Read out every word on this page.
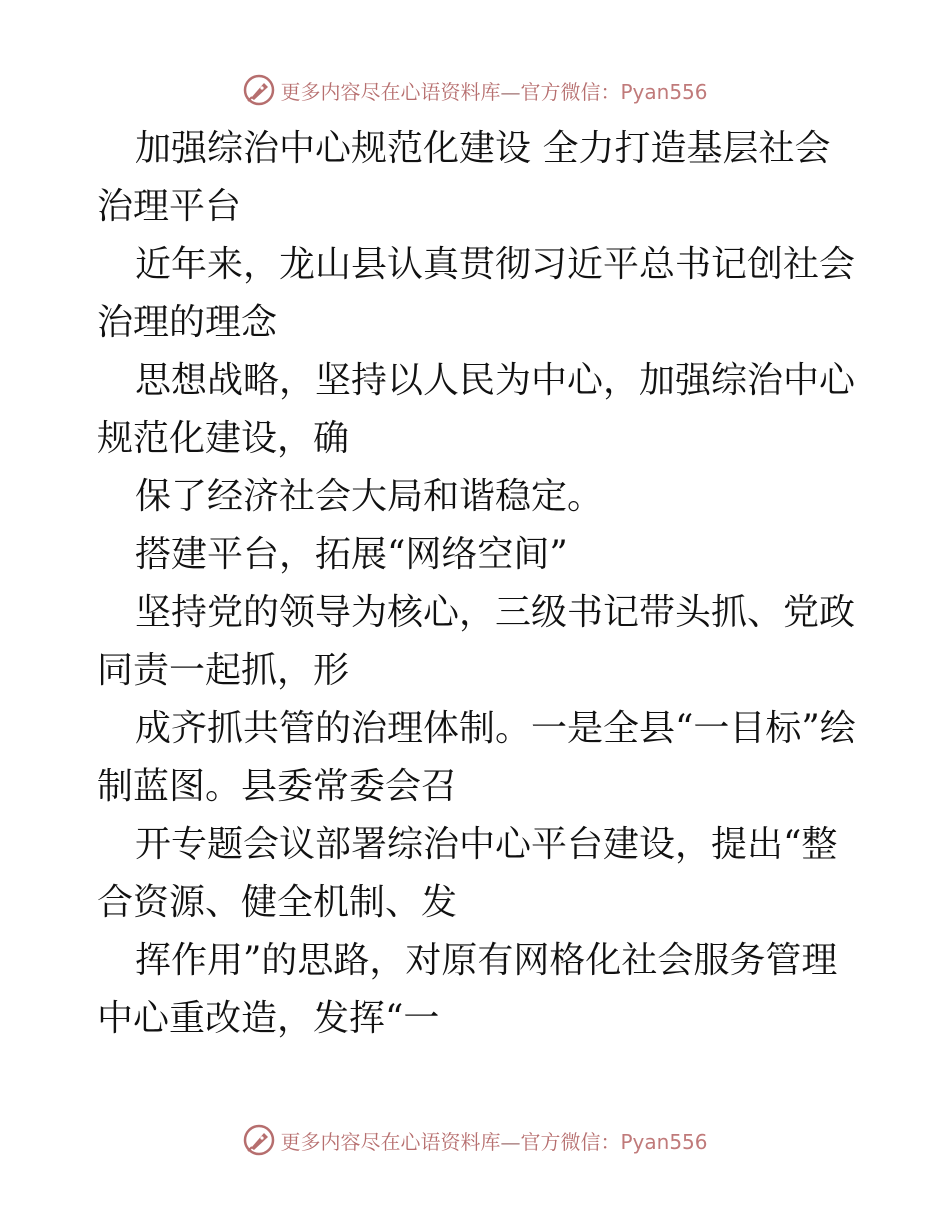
更多内容尽在心语资料库—官方微信：Pyan556

加强综治中心规范化建设 全力打造基层社会治理平台

近年来，龙山县认真贯彻习近平总书记创社会治理的理念

思想战略，坚持以人民为中心，加强综治中心规范化建设，确

保了经济社会大局和谐稳定。

搭建平台，拓展“网络空间”

坚持党的领导为核心，三级书记带头抓、党政同责一起抓，形

成齐抓共管的治理体制。一是全县“一目标”绘制蓝图。县委常委会召

开专题会议部署综治中心平台建设，提出“整合资源、健全机制、发

挥作用”的思路，对原有网格化社会服务管理中心重改造，发挥“一

更多内容尽在心语资料库—官方微信：Pyan556
